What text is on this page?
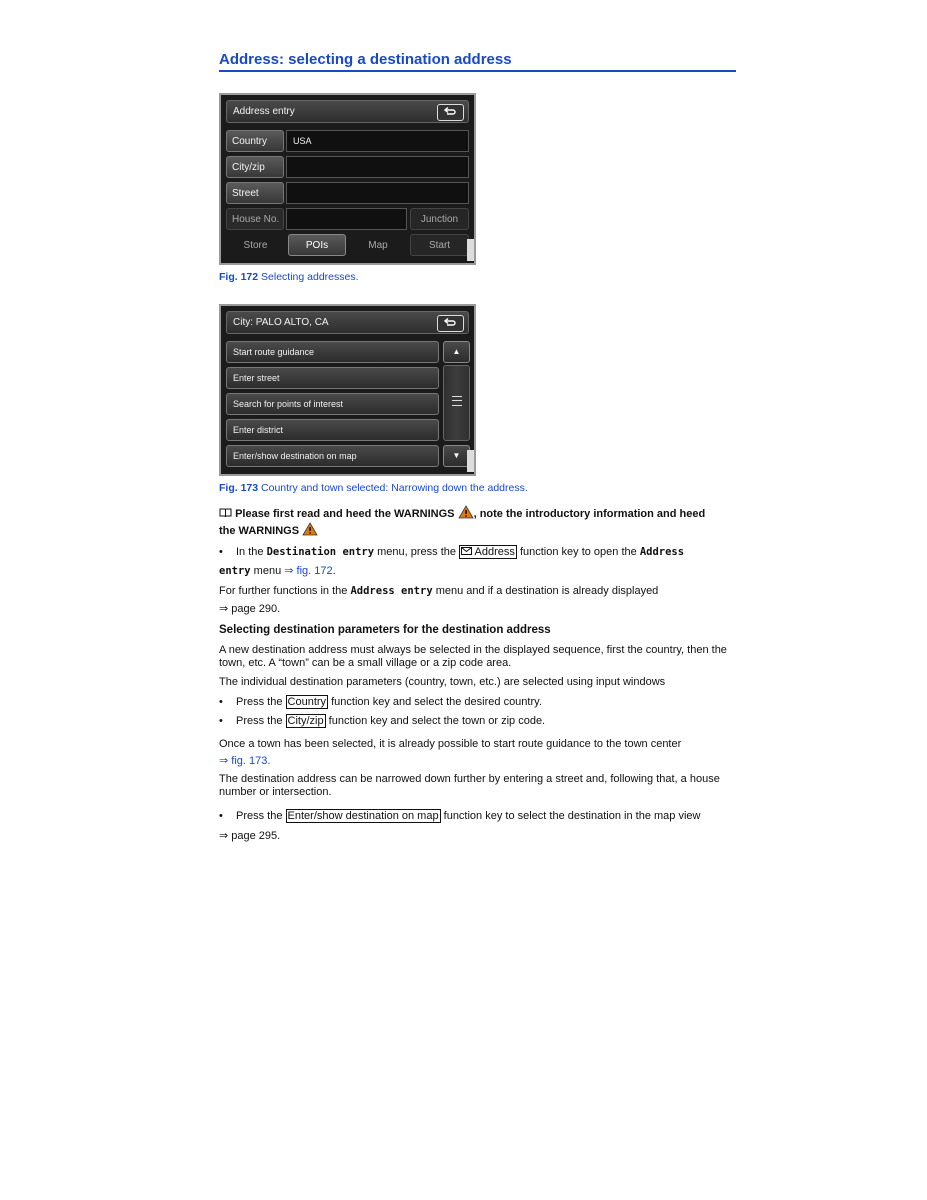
Address: selecting a destination address
Address entry
Country	USA
City/zip
Street
House No.	Junction
Store	POIs	Map	Start
Fig. 172 Selecting addresses.
City: PALO ALTO, CA
Start route guidance
Enter street
Search for points of interest
Enter district
Enter/show destination on map
▲
▼
Fig. 173 Country and town selected: Narrowing down the address.
Please first read and heed the WARNINGS , note the introductory information and heed
the WARNINGS
• In the Destination entry menu, press the Address function key to open the Address
entry menu ⇒ fig. 172.
For further functions in the Address entry menu and if a destination is already displayed
⇒ page 290.
Selecting destination parameters for the destination address
A new destination address must always be selected in the displayed sequence, first the country, then the town, etc. A “town” can be a small village or a zip code area.
The individual destination parameters (country, town, etc.) are selected using input windows
• Press the Country function key and select the desired country.
• Press the City/zip function key and select the town or zip code.
Once a town has been selected, it is already possible to start route guidance to the town center
⇒ fig. 173.
The destination address can be narrowed down further by entering a street and, following that, a house number or intersection.
• Press the Enter/show destination on map function key to select the destination in the map view
⇒ page 295.
